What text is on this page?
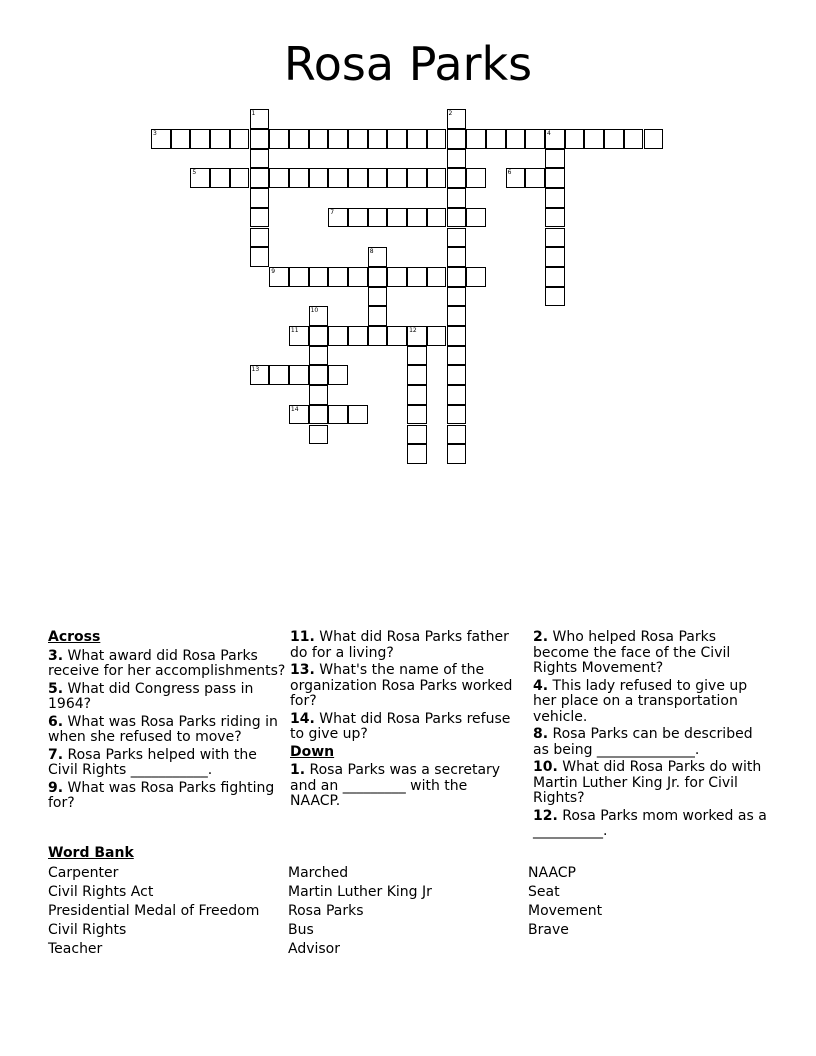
Rosa Parks
3	4
5	6
7
9
11	12
13
14
1	2
8
10
Across
3. What award did Rosa Parks receive for her accomplishments?
5. What did Congress pass in 1964?
6. What was Rosa Parks riding in when she refused to move?
7. Rosa Parks helped with the Civil Rights ___________.
9. What was Rosa Parks fighting for?
11. What did Rosa Parks father do for a living?
13. What's the name of the organization Rosa Parks worked for?
14. What did Rosa Parks refuse to give up?
Down
1. Rosa Parks was a secretary and an _________ with the NAACP.
2. Who helped Rosa Parks become the face of the Civil Rights Movement?
4. This lady refused to give up her place on a transportation vehicle.
8. Rosa Parks can be described as being ______________.
10. What did Rosa Parks do with Martin Luther King Jr. for Civil Rights?
12. Rosa Parks mom worked as a __________.
Word Bank
Carpenter
Civil Rights Act
Presidential Medal of Freedom
Civil Rights
Teacher
Marched
Martin Luther King Jr
Rosa Parks
Bus
Advisor
NAACP
Seat
Movement
Brave
